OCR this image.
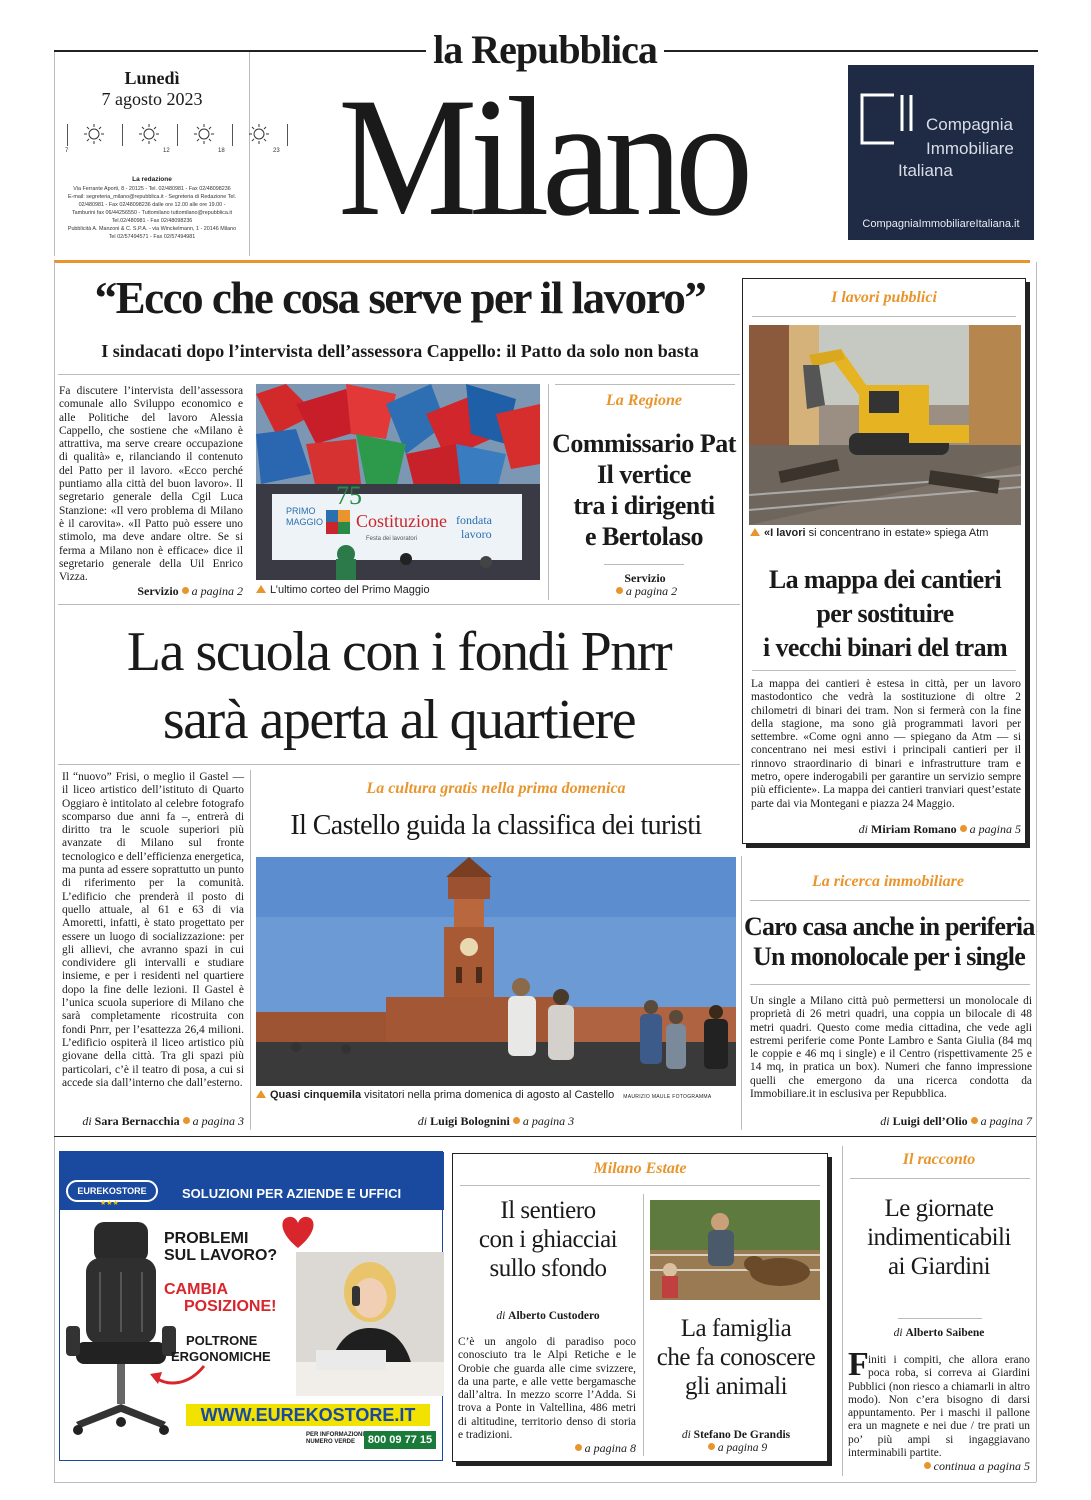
la Repubblica
Lunedì
7 agosto 2023
7	12	18	23
La redazione
Via Ferrante Aporti, 8 - 20125 - Tel. 02/480981 - Fax 02/48098236
E-mail: segreteria_milano@repubblica.it - Segreteria di Redazione Tel.
02/480981 - Fax 02/48098236 dalle ore 12.00 alle ore 19.00 -
Tamburini fax 06/44256550 - Tuttomilano tuttomilano@repubblica.it
Tel.02/480981 - Fax 02/48098236
Pubblicità A. Manzoni & C. S.P.A. - via Winckelmann, 1 - 20146 Milano
Tel 02/57494571 - Fax 02/57494981 Milano	Compagnia
Immobiliare
Italiana
CompagniaImmobiliareItaliana.it
“Ecco che cosa serve per il lavoro”
I sindacati dopo l’intervista dell’assessora Cappello: il Patto da solo non basta
Fa discutere l’intervista dell’assessora comunale allo Sviluppo economico e alle Politiche del lavoro Alessia Cappello, che sostiene che «Milano è attrattiva, ma serve creare occupazione di qualità» e, rilanciando il contenuto del Patto per il lavoro. «Ecco perché puntiamo alla città del buon lavoro». Il segretario generale della Cgil Luca Stanzione: «Il vero problema di Milano è il carovita». «Il Patto può essere uno stimolo, ma deve andare oltre. Se si ferma a Milano non è efficace» dice il segretario generale della Uil Enrico Vizza.
Servizio a pagina 2
PRIMO
MAGGIO
75
Costituzione
Festa dei lavoratori
fondata
lavoro
L’ultimo corteo del Primo Maggio
La Regione
Commissario Pat
Il vertice
tra i dirigenti
e Bertolaso
Servizio
a pagina 2
I lavori pubblici
«I lavori si concentrano in estate» spiega Atm
La mappa dei cantieri
per sostituire
i vecchi binari del tram
La mappa dei cantieri è estesa in città, per un lavoro mastodontico che vedrà la sostituzione di oltre 2 chilometri di binari dei tram. Non si fermerà con la fine della stagione, ma sono già programmati lavori per settembre. «Come ogni anno — spiegano da Atm — si concentrano nei mesi estivi i principali cantieri per il rinnovo straordinario di binari e infrastrutture tram e metro, opere inderogabili per garantire un servizio sempre più efficiente». La mappa dei cantieri tranviari quest’estate parte dai via Montegani e piazza 24 Maggio.
di Miriam Romano a pagina 5
La scuola con i fondi Pnrr
sarà aperta al quartiere
Il “nuovo” Frisi, o meglio il Gastel — il liceo artistico dell’istituto di Quarto Oggiaro è intitolato al celebre fotografo scomparso due anni fa –, entrerà di diritto tra le scuole superiori più avanzate di Milano sul fronte tecnologico e dell’efficienza energetica, ma punta ad essere soprattutto un punto di riferimento per la comunità. L’edificio che prenderà il posto di quello attuale, al 61 e 63 di via Amoretti, infatti, è stato progettato per essere un luogo di socializzazione: per gli allievi, che avranno spazi in cui condividere gli intervalli e studiare insieme, e per i residenti nel quartiere dopo la fine delle lezioni. Il Gastel è l’unica scuola superiore di Milano che sarà completamente ricostruita con fondi Pnrr, per l’esattezza 26,4 milioni. L’edificio ospiterà il liceo artistico più giovane della città. Tra gli spazi più particolari, c’è il teatro di posa, a cui si accede sia dall’interno che dall’esterno.
di Sara Bernacchia a pagina 3
La cultura gratis nella prima domenica
Il Castello guida la classifica dei turisti
Quasi cinquemila visitatori nella prima domenica di agosto al Castello MAURIZIO MAULE FOTOGRAMMA
di Luigi Bolognini a pagina 3
La ricerca immobiliare
Caro casa anche in periferia
Un monolocale per i single
Un single a Milano città può permettersi un monolocale di proprietà di 26 metri quadri, una coppia un bilocale di 48 metri quadri. Questo come media cittadina, che vede agli estremi periferie come Ponte Lambro e Santa Giulia (84 mq le coppie e 46 mq i single) e il Centro (rispettivamente 25 e 14 mq, in pratica un box). Numeri che fanno impressione quelli che emergono da una ricerca condotta da Immobiliare.it in esclusiva per Repubblica.
di Luigi dell’Olio a pagina 7
EUREKOSTORE
★★★
SOLUZIONI PER AZIENDE E UFFICI
PROBLEMI
SUL LAVORO?
CAMBIA
POSIZIONE!
POLTRONE
ERGONOMICHE
WWW.EUREKOSTORE.IT
PER INFORMAZIONI
NUMERO VERDE	800 09 77 15
Milano Estate
Il sentiero
con i ghiacciai
sullo sfondo
di Alberto Custodero
C’è un angolo di paradiso poco conosciuto tra le Alpi Retiche e le Orobie che guarda alle cime svizzere, da una parte, e alle vette bergamasche dall’altra. In mezzo scorre l’Adda. Si trova a Ponte in Valtellina, 486 metri di altitudine, territorio denso di storia e tradizioni.
a pagina 8
La famiglia
che fa conoscere
gli animali
di Stefano De Grandis
a pagina 9
Il racconto
Le giornate
indimenticabili
ai Giardini
di Alberto Saibene
F initi i compiti, che allora erano poca roba, si correva ai Giardini Pubblici (non riesco a chiamarli in altro modo). Non c’era bisogno di darsi appuntamento. Per i maschi il pallone era un magnete e nei due / tre prati un po’ più ampi si ingaggiavano interminabili partite.
continua a pagina 5
